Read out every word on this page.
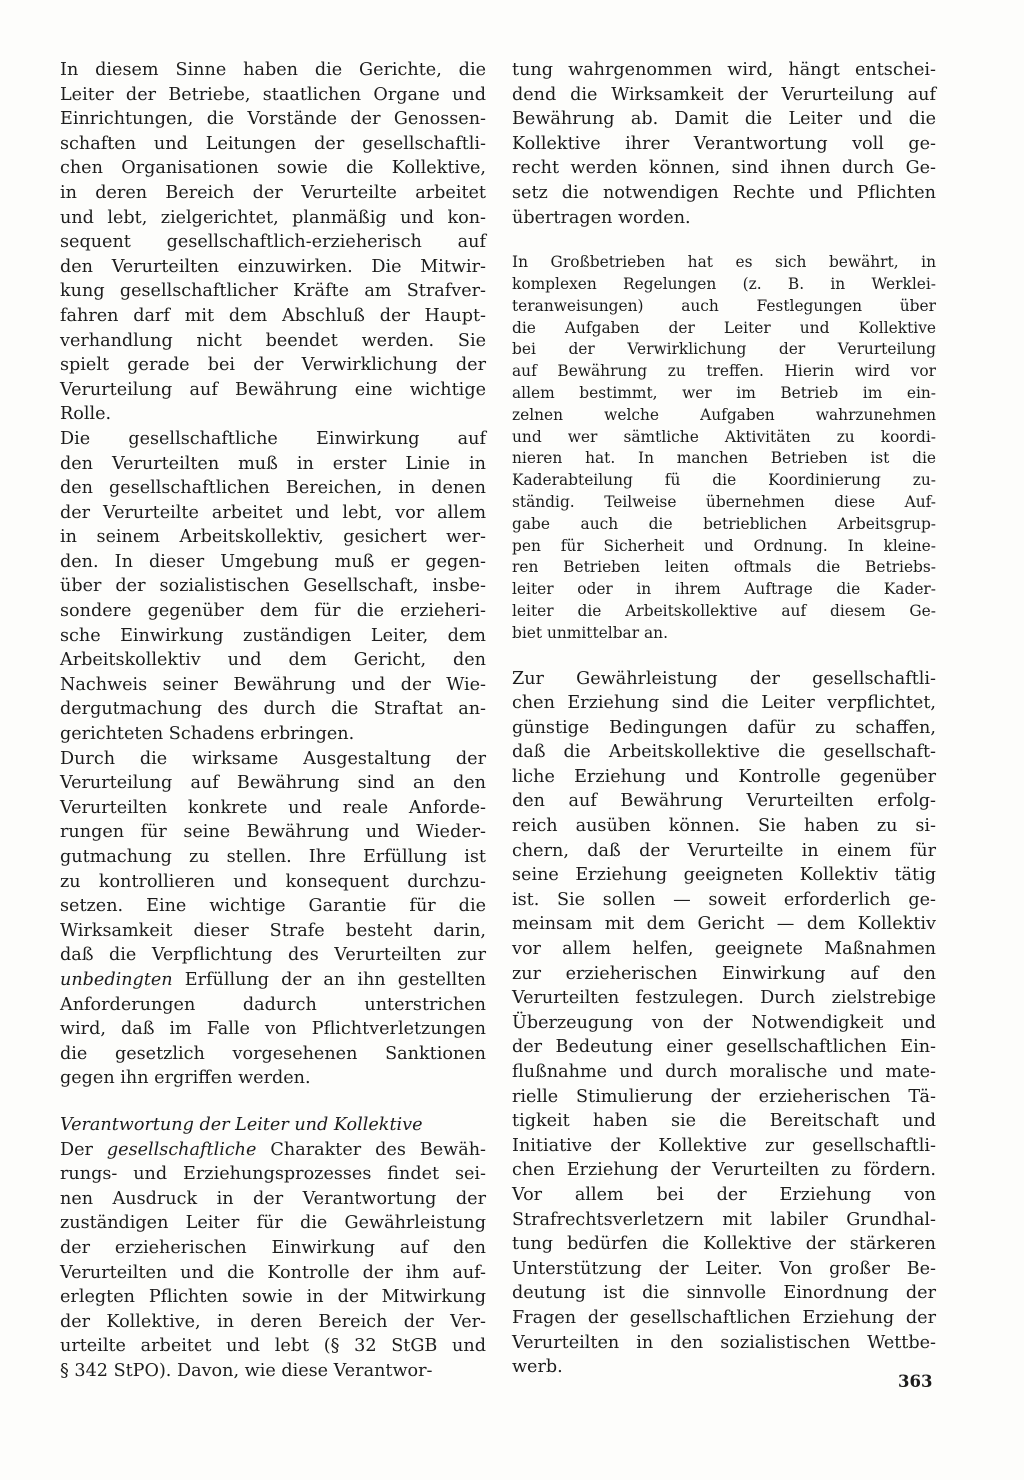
In diesem Sinne haben die Gerichte, die
Leiter der Betriebe, staatlichen Organe und
Einrichtungen, die Vorstände der Genossen-
schaften und Leitungen der gesellschaftli-
chen Organisationen sowie die Kollektive,
in deren Bereich der Verurteilte arbeitet
und lebt, zielgerichtet, planmäßig und kon-
sequent gesellschaftlich-erzieherisch auf
den Verurteilten einzuwirken. Die Mitwir-
kung gesellschaftlicher Kräfte am Strafver-
fahren darf mit dem Abschluß der Haupt-
verhandlung nicht beendet werden. Sie
spielt gerade bei der Verwirklichung der
Verurteilung auf Bewährung eine wichtige
Rolle.
Die gesellschaftliche Einwirkung auf
den Verurteilten muß in erster Linie in
den gesellschaftlichen Bereichen, in denen
der Verurteilte arbeitet und lebt, vor allem
in seinem Arbeitskollektiv, gesichert wer-
den. In dieser Umgebung muß er gegen-
über der sozialistischen Gesellschaft, insbe-
sondere gegenüber dem für die erzieheri-
sche Einwirkung zuständigen Leiter, dem
Arbeitskollektiv und dem Gericht, den
Nachweis seiner Bewährung und der Wie-
dergutmachung des durch die Straftat an-
gerichteten Schadens erbringen.
Durch die wirksame Ausgestaltung der
Verurteilung auf Bewährung sind an den
Verurteilten konkrete und reale Anforde-
rungen für seine Bewährung und Wieder-
gutmachung zu stellen. Ihre Erfüllung ist
zu kontrollieren und konsequent durchzu-
setzen. Eine wichtige Garantie für die
Wirksamkeit dieser Strafe besteht darin,
daß die Verpflichtung des Verurteilten zur
unbedingten Erfüllung der an ihn gestellten
Anforderungen dadurch unterstrichen
wird, daß im Falle von Pflichtverletzungen
die gesetzlich vorgesehenen Sanktionen
gegen ihn ergriffen werden.
Verantwortung der Leiter und Kollektive
Der gesellschaftliche Charakter des Bewäh-
rungs- und Erziehungsprozesses findet sei-
nen Ausdruck in der Verantwortung der
zuständigen Leiter für die Gewährleistung
der erzieherischen Einwirkung auf den
Verurteilten und die Kontrolle der ihm auf-
erlegten Pflichten sowie in der Mitwirkung
der Kollektive, in deren Bereich der Ver-
urteilte arbeitet und lebt (§ 32 StGB und
§ 342 StPO). Davon, wie diese Verantwor-
tung wahrgenommen wird, hängt entschei-
dend die Wirksamkeit der Verurteilung auf
Bewährung ab. Damit die Leiter und die
Kollektive ihrer Verantwortung voll ge-
recht werden können, sind ihnen durch Ge-
setz die notwendigen Rechte und Pflichten
übertragen worden.
In Großbetrieben hat es sich bewährt, in
komplexen Regelungen (z. B. in Werklei-
teranweisungen) auch Festlegungen über
die Aufgaben der Leiter und Kollektive
bei der Verwirklichung der Verurteilung
auf Bewährung zu treffen. Hierin wird vor
allem bestimmt, wer im Betrieb im ein-
zelnen welche Aufgaben wahrzunehmen
und wer sämtliche Aktivitäten zu koordi-
nieren hat. In manchen Betrieben ist die
Kaderabteilung fü die Koordinierung zu-
ständig. Teilweise übernehmen diese Auf-
gabe auch die betrieblichen Arbeitsgrup-
pen für Sicherheit und Ordnung. In kleine-
ren Betrieben leiten oftmals die Betriebs-
leiter oder in ihrem Auftrage die Kader-
leiter die Arbeitskollektive auf diesem Ge-
biet unmittelbar an.
Zur Gewährleistung der gesellschaftli-
chen Erziehung sind die Leiter verpflichtet,
günstige Bedingungen dafür zu schaffen,
daß die Arbeitskollektive die gesellschaft-
liche Erziehung und Kontrolle gegenüber
den auf Bewährung Verurteilten erfolg-
reich ausüben können. Sie haben zu si-
chern, daß der Verurteilte in einem für
seine Erziehung geeigneten Kollektiv tätig
ist. Sie sollen — soweit erforderlich ge-
meinsam mit dem Gericht — dem Kollektiv
vor allem helfen, geeignete Maßnahmen
zur erzieherischen Einwirkung auf den
Verurteilten festzulegen. Durch zielstrebige
Überzeugung von der Notwendigkeit und
der Bedeutung einer gesellschaftlichen Ein-
flußnahme und durch moralische und mate-
rielle Stimulierung der erzieherischen Tä-
tigkeit haben sie die Bereitschaft und
Initiative der Kollektive zur gesellschaftli-
chen Erziehung der Verurteilten zu fördern.
Vor allem bei der Erziehung von
Strafrechtsverletzern mit labiler Grundhal-
tung bedürfen die Kollektive der stärkeren
Unterstützung der Leiter. Von großer Be-
deutung ist die sinnvolle Einordnung der
Fragen der gesellschaftlichen Erziehung der
Verurteilten in den sozialistischen Wettbe-
werb.
363
